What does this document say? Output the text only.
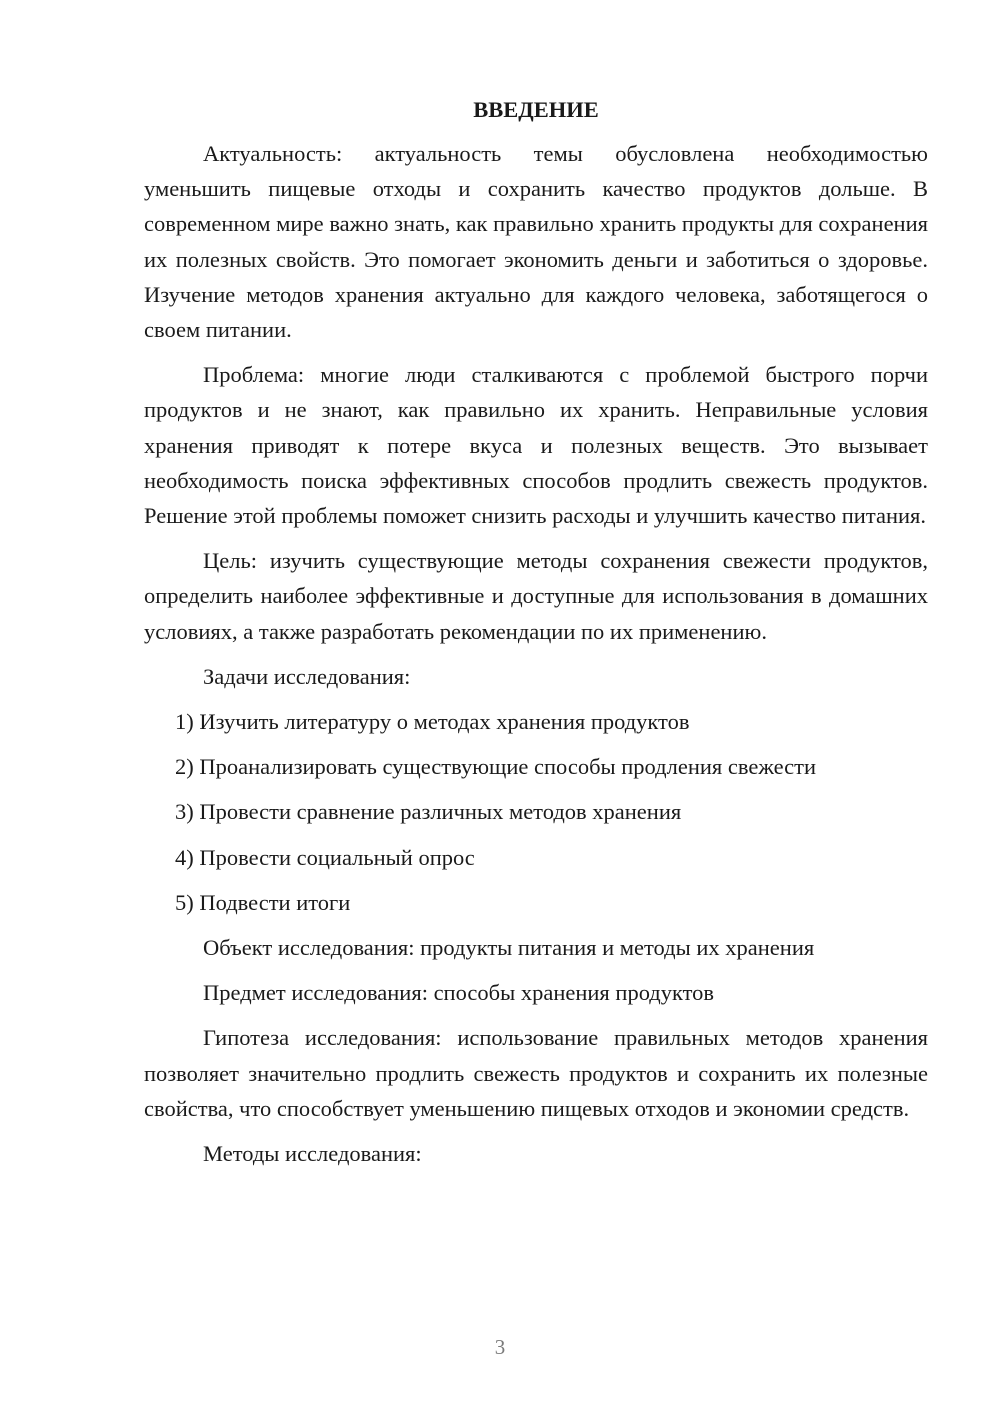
ВВЕДЕНИЕ

Актуальность: актуальность темы обусловлена необходимостью уменьшить пищевые отходы и сохранить качество продуктов дольше. В современном мире важно знать, как правильно хранить продукты для сохранения их полезных свойств. Это помогает экономить деньги и заботиться о здоровье. Изучение методов хранения актуально для каждого человека, заботящегося о своем питании.

Проблема: многие люди сталкиваются с проблемой быстрого порчи продуктов и не знают, как правильно их хранить. Неправильные условия хранения приводят к потере вкуса и полезных веществ. Это вызывает необходимость поиска эффективных способов продлить свежесть продуктов. Решение этой проблемы поможет снизить расходы и улучшить качество питания.

Цель: изучить существующие методы сохранения свежести продуктов, определить наиболее эффективные и доступные для использования в домашних условиях, а также разработать рекомендации по их применению.

Задачи исследования:
1) Изучить литературу о методах хранения продуктов
2) Проанализировать существующие способы продления свежести
3) Провести сравнение различных методов хранения
4) Провести социальный опрос
5) Подвести итоги
Объект исследования: продукты питания и методы их хранения
Предмет исследования: способы хранения продуктов

Гипотеза исследования: использование правильных методов хранения позволяет значительно продлить свежесть продуктов и сохранить их полезные свойства, что способствует уменьшению пищевых отходов и экономии средств.

Методы исследования:
3
